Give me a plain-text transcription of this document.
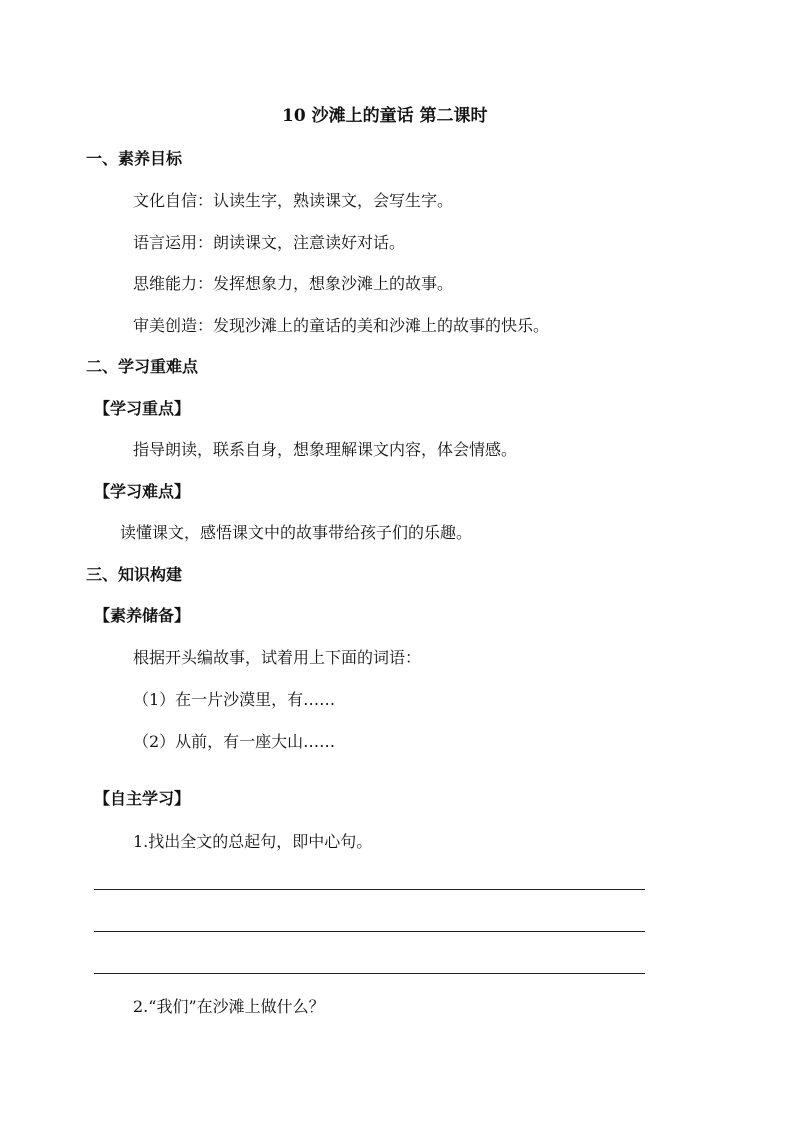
10 沙滩上的童话 第二课时
一、素养目标
文化自信：认读生字，熟读课文，会写生字。
语言运用：朗读课文，注意读好对话。
思维能力：发挥想象力，想象沙滩上的故事。
审美创造：发现沙滩上的童话的美和沙滩上的故事的快乐。
二、学习重难点
【学习重点】
指导朗读，联系自身，想象理解课文内容，体会情感。
【学习难点】
读懂课文，感悟课文中的故事带给孩子们的乐趣。
三、知识构建
【素养储备】
根据开头编故事，试着用上下面的词语：
（1）在一片沙漠里，有……
（2）从前，有一座大山……
【自主学习】
1.找出全文的总起句，即中心句。
2.“我们”在沙滩上做什么？
